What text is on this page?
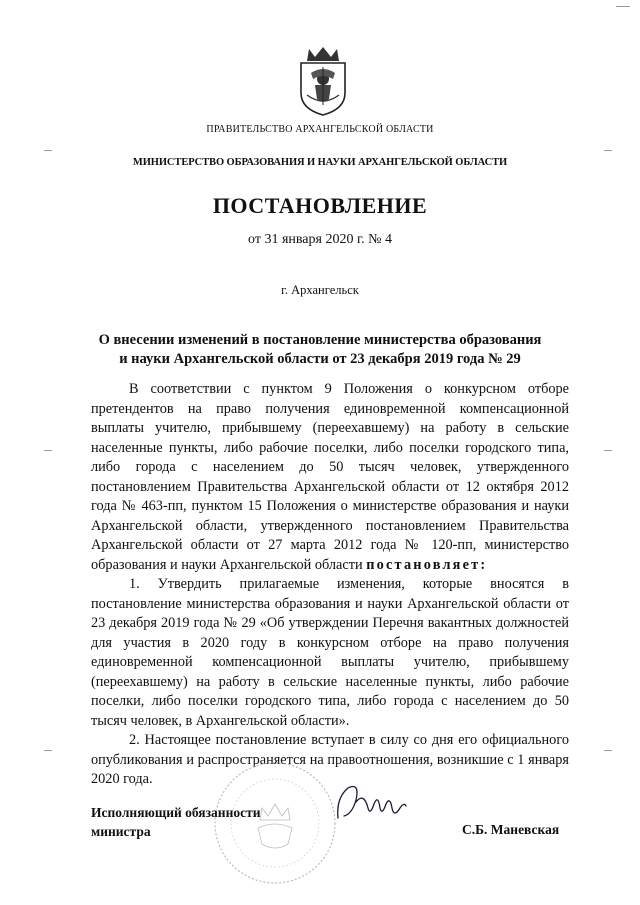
ПРАВИТЕЛЬСТВО АРХАНГЕЛЬСКОЙ ОБЛАСТИ
МИНИСТЕРСТВО ОБРАЗОВАНИЯ И НАУКИ АРХАНГЕЛЬСКОЙ ОБЛАСТИ
ПОСТАНОВЛЕНИЕ
от 31 января 2020 г. № 4
г. Архангельск
О внесении изменений в постановление министерства образования
и науки Архангельской области от 23 декабря 2019 года № 29

В соответствии с пунктом 9 Положения о конкурсном отборе претендентов на право получения единовременной компенсационной выплаты учителю, прибывшему (переехавшему) на работу в сельские населенные пункты, либо рабочие поселки, либо поселки городского типа, либо города с населением до 50 тысяч человек, утвержденного постановлением Правительства Архангельской области от 12 октября 2012 года № 463-пп, пунктом 15 Положения о министерстве образования и науки Архангельской области, утвержденного постановлением Правительства Архангельской области от 27 марта 2012 года № 120-пп, министерство образования и науки Архангельской области постановляет:

1. Утвердить прилагаемые изменения, которые вносятся в постановление министерства образования и науки Архангельской области от 23 декабря 2019 года № 29 «Об утверждении Перечня вакантных должностей для участия в 2020 году в конкурсном отборе на право получения единовременной компенсационной выплаты учителю, прибывшему (переехавшему) на работу в сельские населенные пункты, либо рабочие поселки, либо поселки городского типа, либо города с населением до 50 тысяч человек, в Архангельской области».

2. Настоящее постановление вступает в силу со дня его официального опубликования и распространяется на правоотношения, возникшие с 1 января 2020 года.

Исполняющий обязанности
министра	С.Б. Маневская
